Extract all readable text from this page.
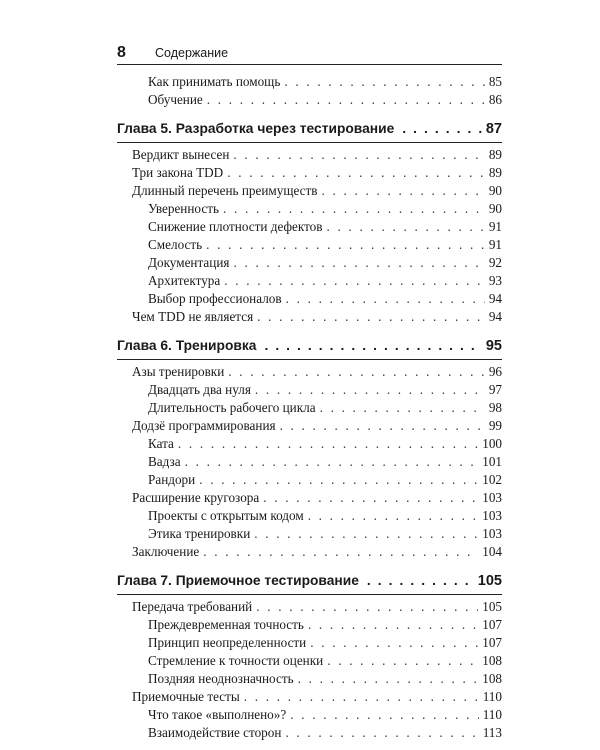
8 Содержание
Как принимать помощь . . .	85
Обучение . . .	86
Глава 5. Разработка через тестирование . . .	87
Вердикт вынесен . . .	89
Три закона TDD . . .	89
Длинный перечень преимуществ . . .	90
Уверенность . . .	90
Снижение плотности дефектов . . .	91
Смелость . . .	91
Документация . . .	92
Архитектура . . .	93
Выбор профессионалов . . .	94
Чем TDD не является . . .	94
Глава 6. Тренировка . . .	95
Азы тренировки . . .	96
Двадцать два нуля . . .	97
Длительность рабочего цикла . . .	98
Додзё программирования . . .	99
Ката . . .	100
Вадза . . .	101
Рандори . . .	102
Расширение кругозора . . .	103
Проекты с открытым кодом . . .	103
Этика тренировки . . .	103
Заключение . . .	104
Глава 7. Приемочное тестирование . . .	105
Передача требований . . .	105
Преждевременная точность . . .	107
Принцип неопределенности . . .	107
Стремление к точности оценки . . .	108
Поздняя неоднозначность . . .	108
Приемочные тесты . . .	110
Что такое «выполнено»? . . .	110
Взаимодействие сторон . . .	113
